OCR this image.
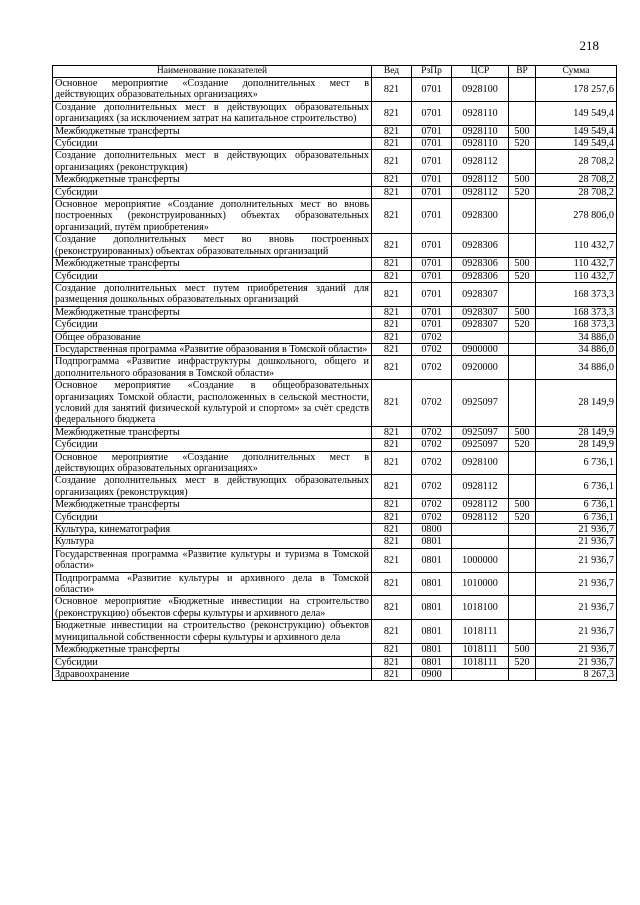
218
Наименование показателей	Вед	РзПр	ЦСР	ВР	Сумма
Основное мероприятие «Создание дополнительных мест в действующих образовательных организациях»	821	0701	0928100		178 257,6
Создание дополнительных мест в действующих образовательных организациях (за исключением затрат на капитальное строительство)	821	0701	0928110		149 549,4
Межбюджетные трансферты	821	0701	0928110	500	149 549,4
Субсидии	821	0701	0928110	520	149 549,4
Создание дополнительных мест в действующих образовательных организациях (реконструкция)	821	0701	0928112		28 708,2
Межбюджетные трансферты	821	0701	0928112	500	28 708,2
Субсидии	821	0701	0928112	520	28 708,2
Основное мероприятие «Создание дополнительных мест во вновь построенных (реконструированных) объектах образовательных организаций, путём приобретения»	821	0701	0928300		278 806,0
Создание дополнительных мест во вновь построенных (реконструированных) объектах образовательных организаций	821	0701	0928306		110 432,7
Межбюджетные трансферты	821	0701	0928306	500	110 432,7
Субсидии	821	0701	0928306	520	110 432,7
Создание дополнительных мест путем приобретения зданий для размещения дошкольных образовательных организаций	821	0701	0928307		168 373,3
Межбюджетные трансферты	821	0701	0928307	500	168 373,3
Субсидии	821	0701	0928307	520	168 373,3
Общее образование	821	0702			34 886,0
Государственная программа «Развитие образования в Томской области»	821	0702	0900000		34 886,0
Подпрограмма «Развитие инфраструктуры дошкольного, общего и дополнительного образования в Томской области»	821	0702	0920000		34 886,0
Основное мероприятие «Создание в общеобразовательных организациях Томской области, расположенных в сельской местности, условий для занятий физической культурой и спортом» за счёт средств федерального бюджета	821	0702	0925097		28 149,9
Межбюджетные трансферты	821	0702	0925097	500	28 149,9
Субсидии	821	0702	0925097	520	28 149,9
Основное мероприятие «Создание дополнительных мест в действующих образовательных организациях»	821	0702	0928100		6 736,1
Создание дополнительных мест в действующих образовательных организациях (реконструкция)	821	0702	0928112		6 736,1
Межбюджетные трансферты	821	0702	0928112	500	6 736,1
Субсидии	821	0702	0928112	520	6 736,1
Культура, кинематография	821	0800			21 936,7
Культура	821	0801			21 936,7
Государственная программа «Развитие культуры и туризма в Томской области»	821	0801	1000000		21 936,7
Подпрограмма «Развитие культуры и архивного дела в Томской области»	821	0801	1010000		21 936,7
Основное мероприятие «Бюджетные инвестиции на строительство (реконструкцию) объектов сферы культуры и архивного дела»	821	0801	1018100		21 936,7
Бюджетные инвестиции на строительство (реконструкцию) объектов муниципальной собственности сферы культуры и архивного дела	821	0801	1018111		21 936,7
Межбюджетные трансферты	821	0801	1018111	500	21 936,7
Субсидии	821	0801	1018111	520	21 936,7
Здравоохранение	821	0900			8 267,3
